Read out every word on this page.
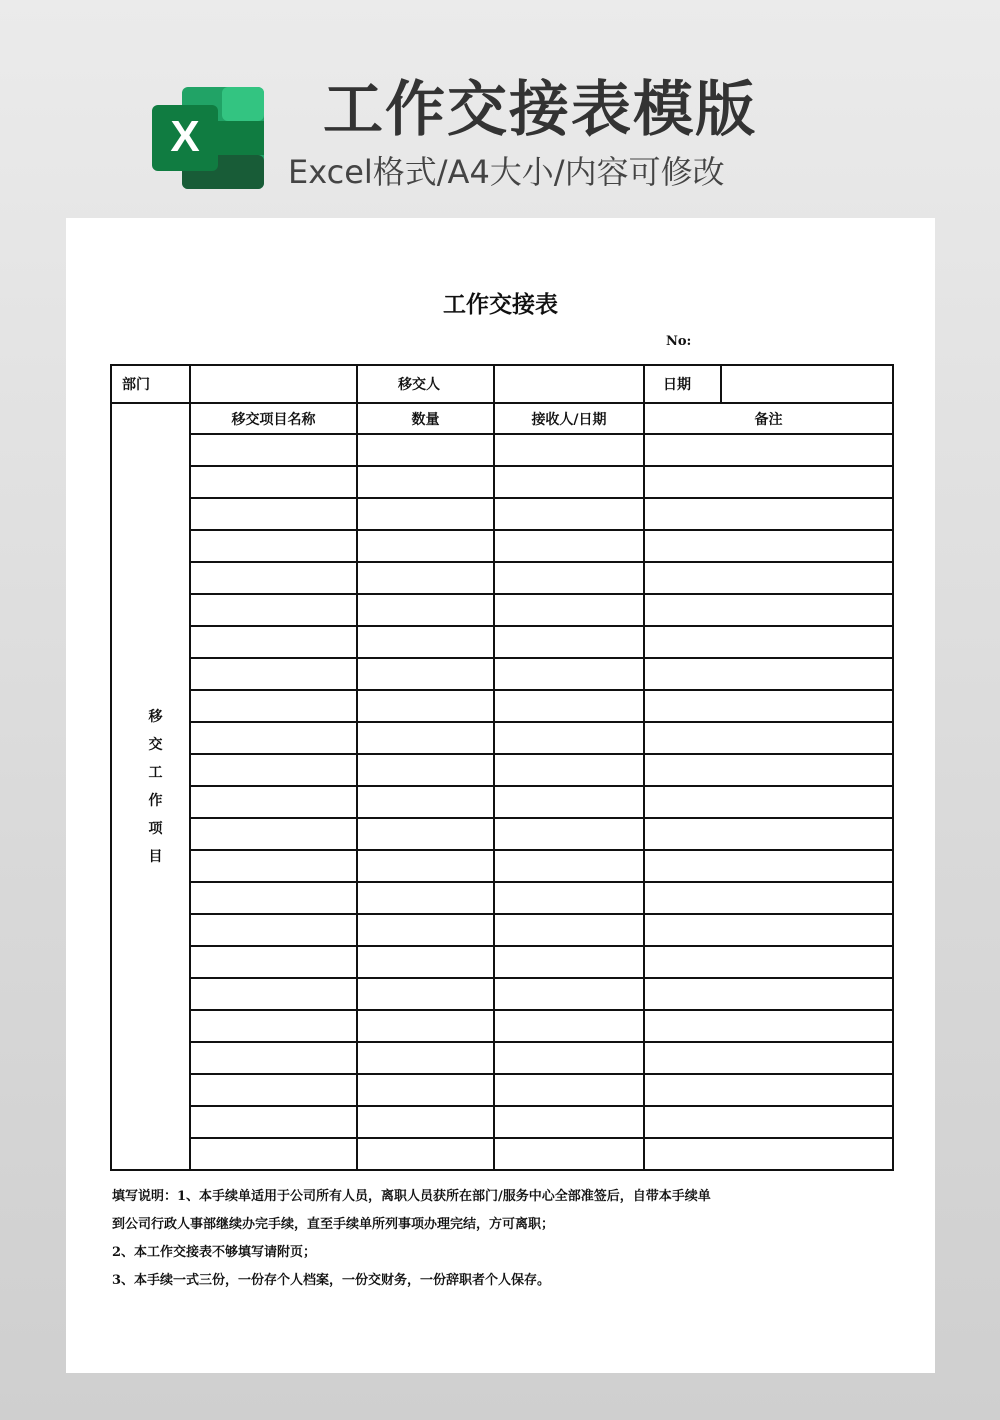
X	工作交接表模版
Excel格式/A4大小/内容可修改
工作交接表
No:
部门		移交人		日期	
移交工作项目	移交项目名称	数量	接收人/日期	备注	

填写说明：1、本手续单适用于公司所有人员，离职人员获所在部门/服务中心全部准签后，自带本手续单

到公司行政人事部继续办完手续，直至手续单所列事项办理完结，方可离职；

2、本工作交接表不够填写请附页；

3、本手续一式三份，一份存个人档案，一份交财务，一份辞职者个人保存。
